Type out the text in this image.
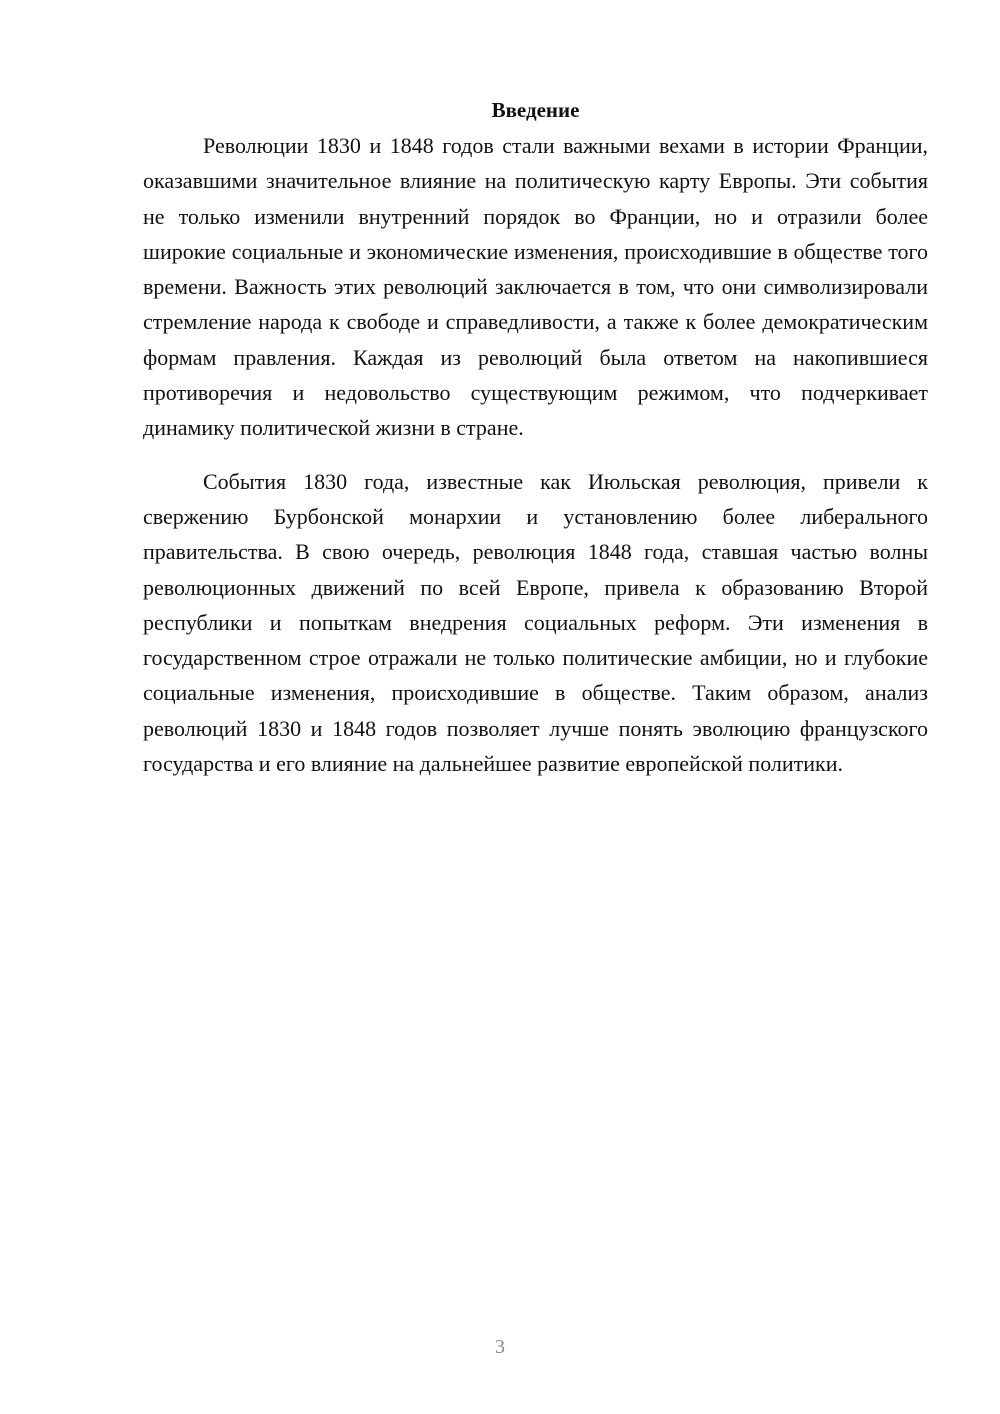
Введение

Революции 1830 и 1848 годов стали важными вехами в истории Франции, оказавшими значительное влияние на политическую карту Европы. Эти события не только изменили внутренний порядок во Франции, но и отразили более широкие социальные и экономические изменения, происходившие в обществе того времени. Важность этих революций заключается в том, что они символизировали стремление народа к свободе и справедливости, а также к более демократическим формам правления. Каждая из революций была ответом на накопившиеся противоречия и недовольство существующим режимом, что подчеркивает динамику политической жизни в стране.

События 1830 года, известные как Июльская революция, привели к свержению Бурбонской монархии и установлению более либерального правительства. В свою очередь, революция 1848 года, ставшая частью волны революционных движений по всей Европе, привела к образованию Второй республики и попыткам внедрения социальных реформ. Эти изменения в государственном строе отражали не только политические амбиции, но и глубокие социальные изменения, происходившие в обществе. Таким образом, анализ революций 1830 и 1848 годов позволяет лучше понять эволюцию французского государства и его влияние на дальнейшее развитие европейской политики.

3
